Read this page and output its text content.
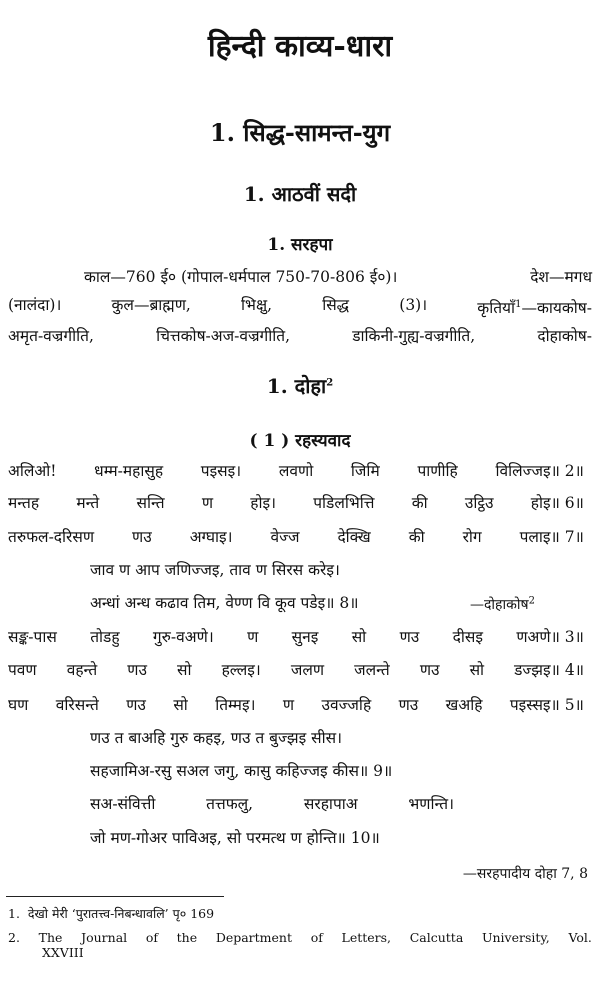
हिन्दी काव्य-धारा
1. सिद्ध-सामन्त-युग
1. आठवीं सदी
1. सरहपा
काल—760 ई० (गोपाल-धर्मपाल 750-70-806 ई०)।	देश—मगध
(नालंदा)।	कुल—ब्राह्मण,	भिक्षु,	सिद्ध	(3)।	कृतियाँ$^1$—कायकोष-
अमृत-वज्रगीति,	चित्तकोष-अज-वज्रगीति,	डाकिनी-गुह्य-वज्रगीति,	दोहाकोष-
1. दोहा$^2$
( 1 ) रहस्यवाद
अलिओ! धम्म-महासुह पइसइ। लवणो जिमि पाणीहि विलिज्जइ॥ 2॥
मन्तह मन्ते सन्ति ण होइ। पडिलभित्ति की उट्ठिउ होइ॥ 6॥
तरुफल-दरिसण णउ अग्घाइ। वेज्ज देक्खि की रोग पलाइ॥ 7॥
जाव ण आप जणिज्जइ, ताव ण सिरस करेइ।
अन्धां अन्ध कढाव तिम, वेण्ण वि कूव पडेइ॥ 8॥	—दोहाकोष$^2$
सङ्क-पास तोडहु गुरु-वअणे। ण सुनइ सो णउ दीसइ णअणे॥ 3॥
पवण वहन्ते णउ सो हल्लइ। जलण जलन्ते णउ सो डज्झइ॥ 4॥
घण वरिसन्ते णउ सो तिम्मइ। ण उवज्जहि णउ खअहि पइस्सइ॥ 5॥
णउ त बाअहि गुरु कहइ, णउ त बुज्झइ सीस।
सहजामिअ-रसु सअल जगु, कासु कहिज्जइ कीस॥ 9॥
सअ-संवित्ती	तत्तफलु,	सरहापाअ	भणन्ति।
जो मण-गोअर पाविअइ, सो परमत्थ ण होन्ति॥ 10॥
—सरहपादीय दोहा 7, 8
1. देखो मेरी ‘पुरातत्त्व-निबन्धावलि’ पृ० 169
2. The Journal of the Department of Letters, Calcutta University, Vol.
XXVIII
